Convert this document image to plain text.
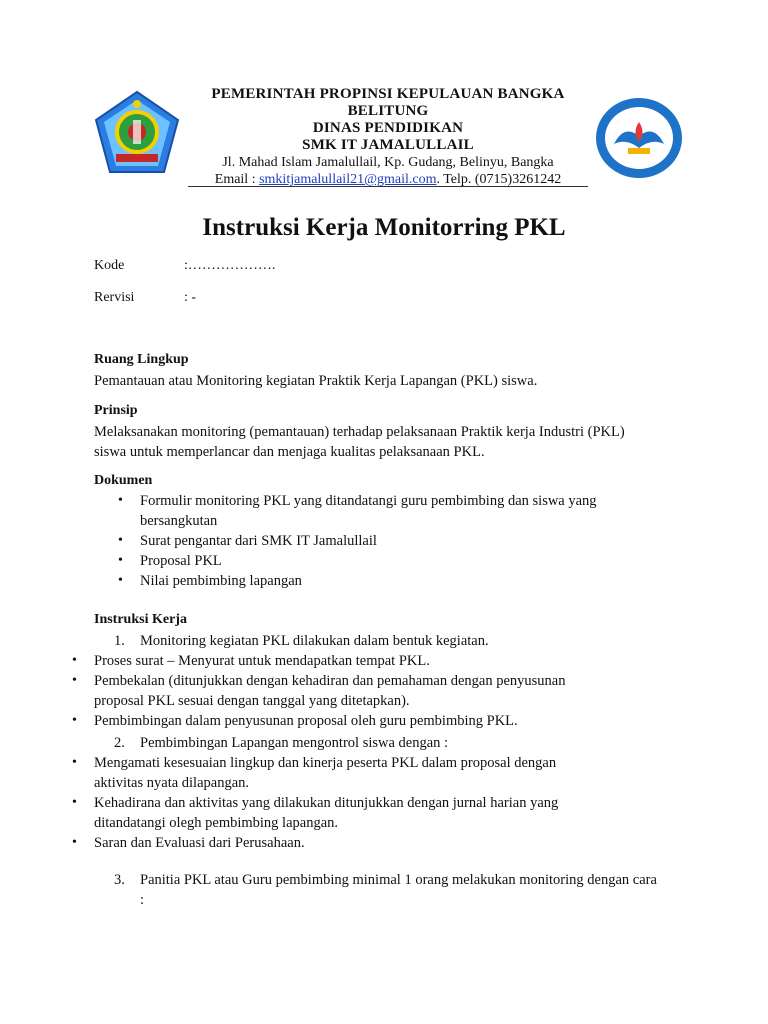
PEMERINTAH PROPINSI KEPULAUAN BANGKA
BELITUNG
DINAS PENDIDIKAN
SMK IT JAMALULLAIL
Jl. Mahad Islam Jamalullail, Kp. Gudang, Belinyu, Bangka
Email : smkitjamalullail21@gmail.com. Telp. (0715)3261242
Instruksi Kerja Monitorring PKL
Kode	:……………….
Rervisi	: -
Ruang Lingkup
Pemantauan atau Monitoring kegiatan Praktik Kerja Lapangan (PKL) siswa.
Prinsip
Melaksanakan monitoring (pemantauan) terhadap pelaksanaan Praktik kerja Industri (PKL)
siswa untuk memperlancar dan menjaga kualitas pelaksanaan PKL.
Dokumen
• Formulir monitoring PKL yang ditandatangi guru pembimbing dan siswa yang bersangkutan
• Surat pengantar dari SMK IT Jamalullail
• Proposal PKL
• Nilai pembimbing lapangan
Instruksi Kerja
1. Monitoring kegiatan PKL dilakukan dalam bentuk kegiatan.
• Proses surat – Menyurat untuk mendapatkan tempat PKL.
• Pembekalan (ditunjukkan dengan kehadiran dan pemahaman dengan penyusunan proposal PKL sesuai dengan tanggal yang ditetapkan).
• Pembimbingan dalam penyusunan proposal oleh guru pembimbing PKL.
2. Pembimbingan Lapangan mengontrol siswa dengan :
• Mengamati kesesuaian lingkup dan kinerja peserta PKL dalam proposal dengan aktivitas nyata dilapangan.
• Kehadirana dan aktivitas yang dilakukan ditunjukkan dengan jurnal harian yang ditandatangi olegh pembimbing lapangan.
• Saran dan Evaluasi dari Perusahaan.
3. Panitia PKL atau Guru pembimbing minimal 1 orang melakukan monitoring dengan cara :
